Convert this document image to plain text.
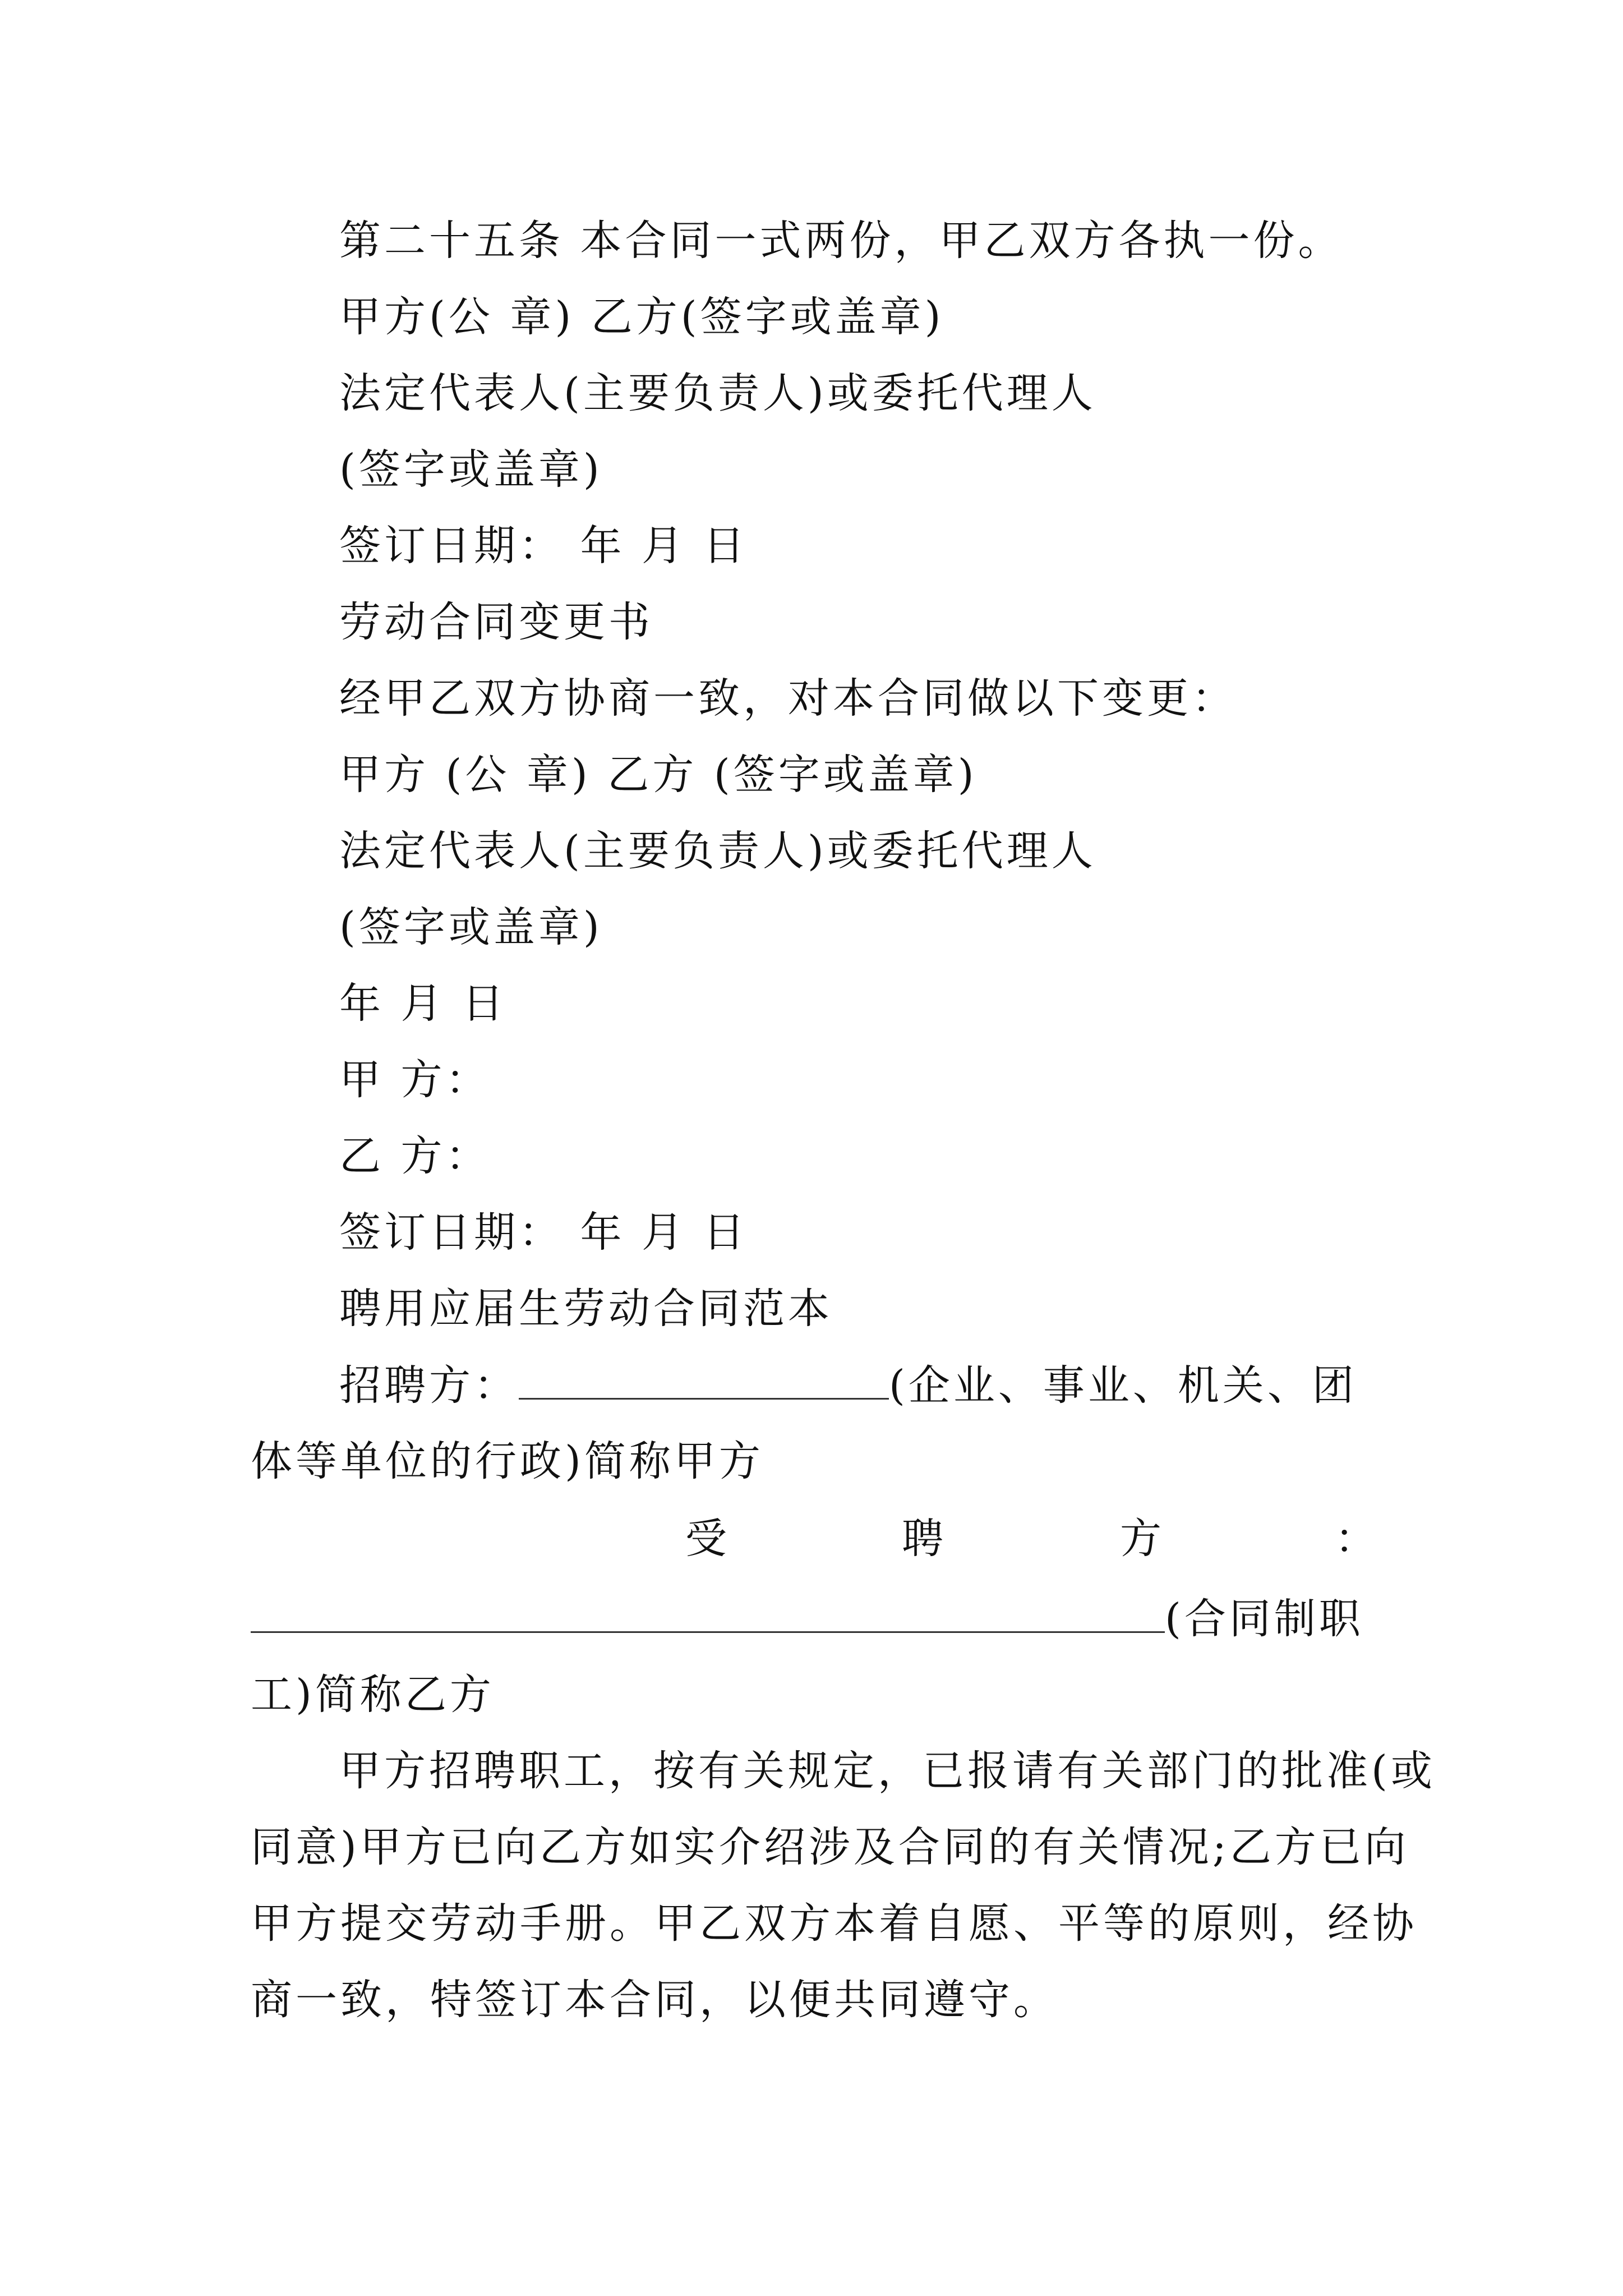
第二十五条 本合同一式两份，甲乙双方各执一份。
甲方(公 章) 乙方(签字或盖章)
法定代表人(主要负责人)或委托代理人
(签字或盖章)
签订日期： 年 月 日
劳动合同变更书
经甲乙双方协商一致，对本合同做以下变更：
甲方 (公 章) 乙方 (签字或盖章)
法定代表人(主要负责人)或委托代理人
(签字或盖章)
年 月 日
甲 方：
乙 方：
签订日期： 年 月 日
聘用应届生劳动合同范本
招聘方：	(企业、事业、机关、团
体等单位的行政)简称甲方
受	聘	方	：
(合同制职
工)简称乙方
甲方招聘职工，按有关规定，已报请有关部门的批准(或
同意)甲方已向乙方如实介绍涉及合同的有关情况;乙方已向
甲方提交劳动手册。甲乙双方本着自愿、平等的原则，经协
商一致，特签订本合同，以便共同遵守。
